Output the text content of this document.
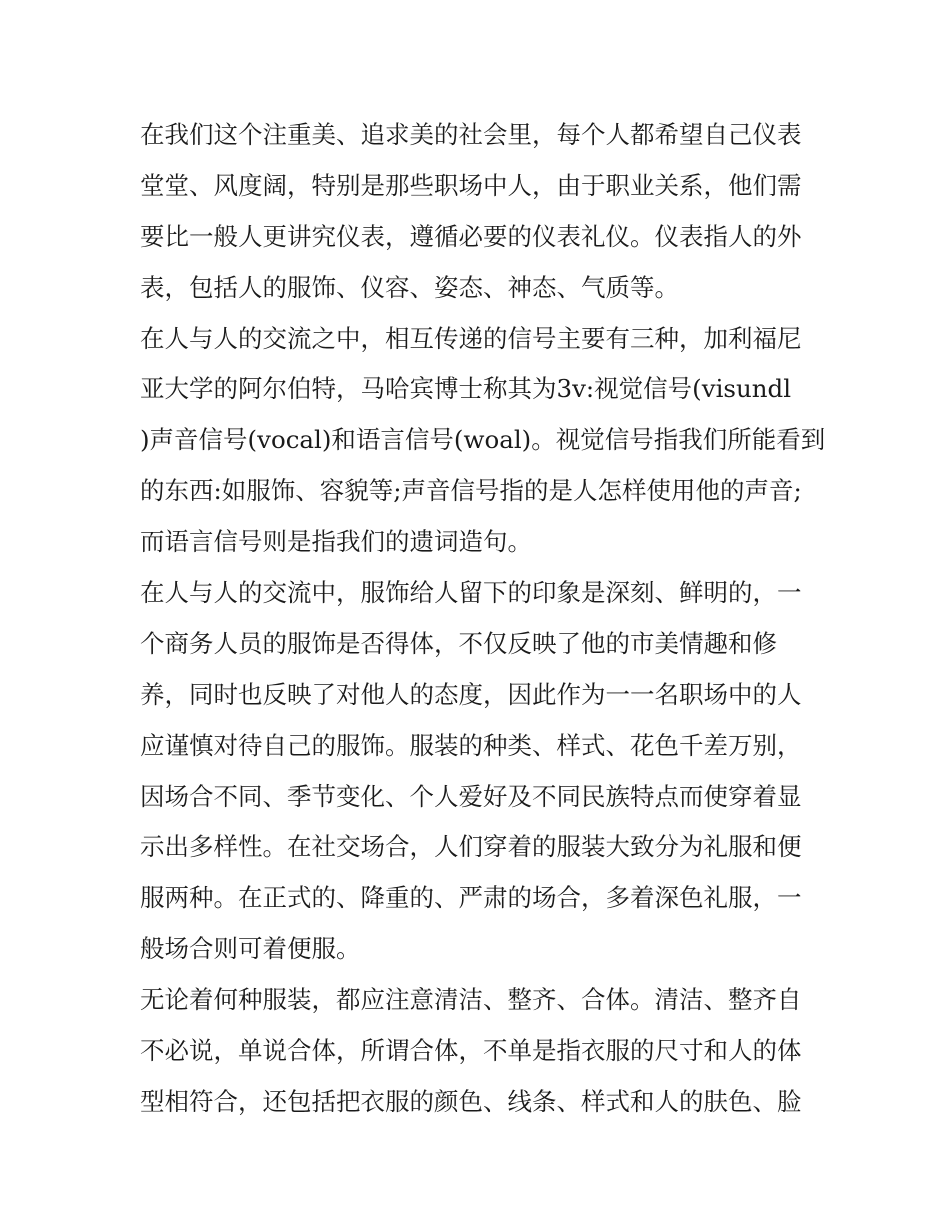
在我们这个注重美、追求美的社会里，每个人都希望自己仪表
堂堂、风度阔，特别是那些职场中人，由于职业关系，他们需
要比一般人更讲究仪表，遵循必要的仪表礼仪。仪表指人的外
表，包括人的服饰、仪容、姿态、神态、气质等。
在人与人的交流之中，相互传递的信号主要有三种，加利福尼
亚大学的阿尔伯特，马哈宾博士称其为3v:视觉信号(visundl
)声音信号(vocal)和语言信号(woal)。视觉信号指我们所能看到
的东西:如服饰、容貌等;声音信号指的是人怎样使用他的声音;
而语言信号则是指我们的遗词造句。
在人与人的交流中，服饰给人留下的印象是深刻、鲜明的，一
个商务人员的服饰是否得体，不仅反映了他的市美情趣和修
养，同时也反映了对他人的态度，因此作为一一名职场中的人
应谨慎对待自己的服饰。服装的种类、样式、花色千差万别，
因场合不同、季节变化、个人爱好及不同民族特点而使穿着显
示出多样性。在社交场合，人们穿着的服装大致分为礼服和便
服两种。在正式的、降重的、严肃的场合，多着深色礼服，一
般场合则可着便服。
无论着何种服装，都应注意清洁、整齐、合体。清洁、整齐自
不必说，单说合体，所谓合体，不单是指衣服的尺寸和人的体
型相符合，还包括把衣服的颜色、线条、样式和人的肤色、脸
